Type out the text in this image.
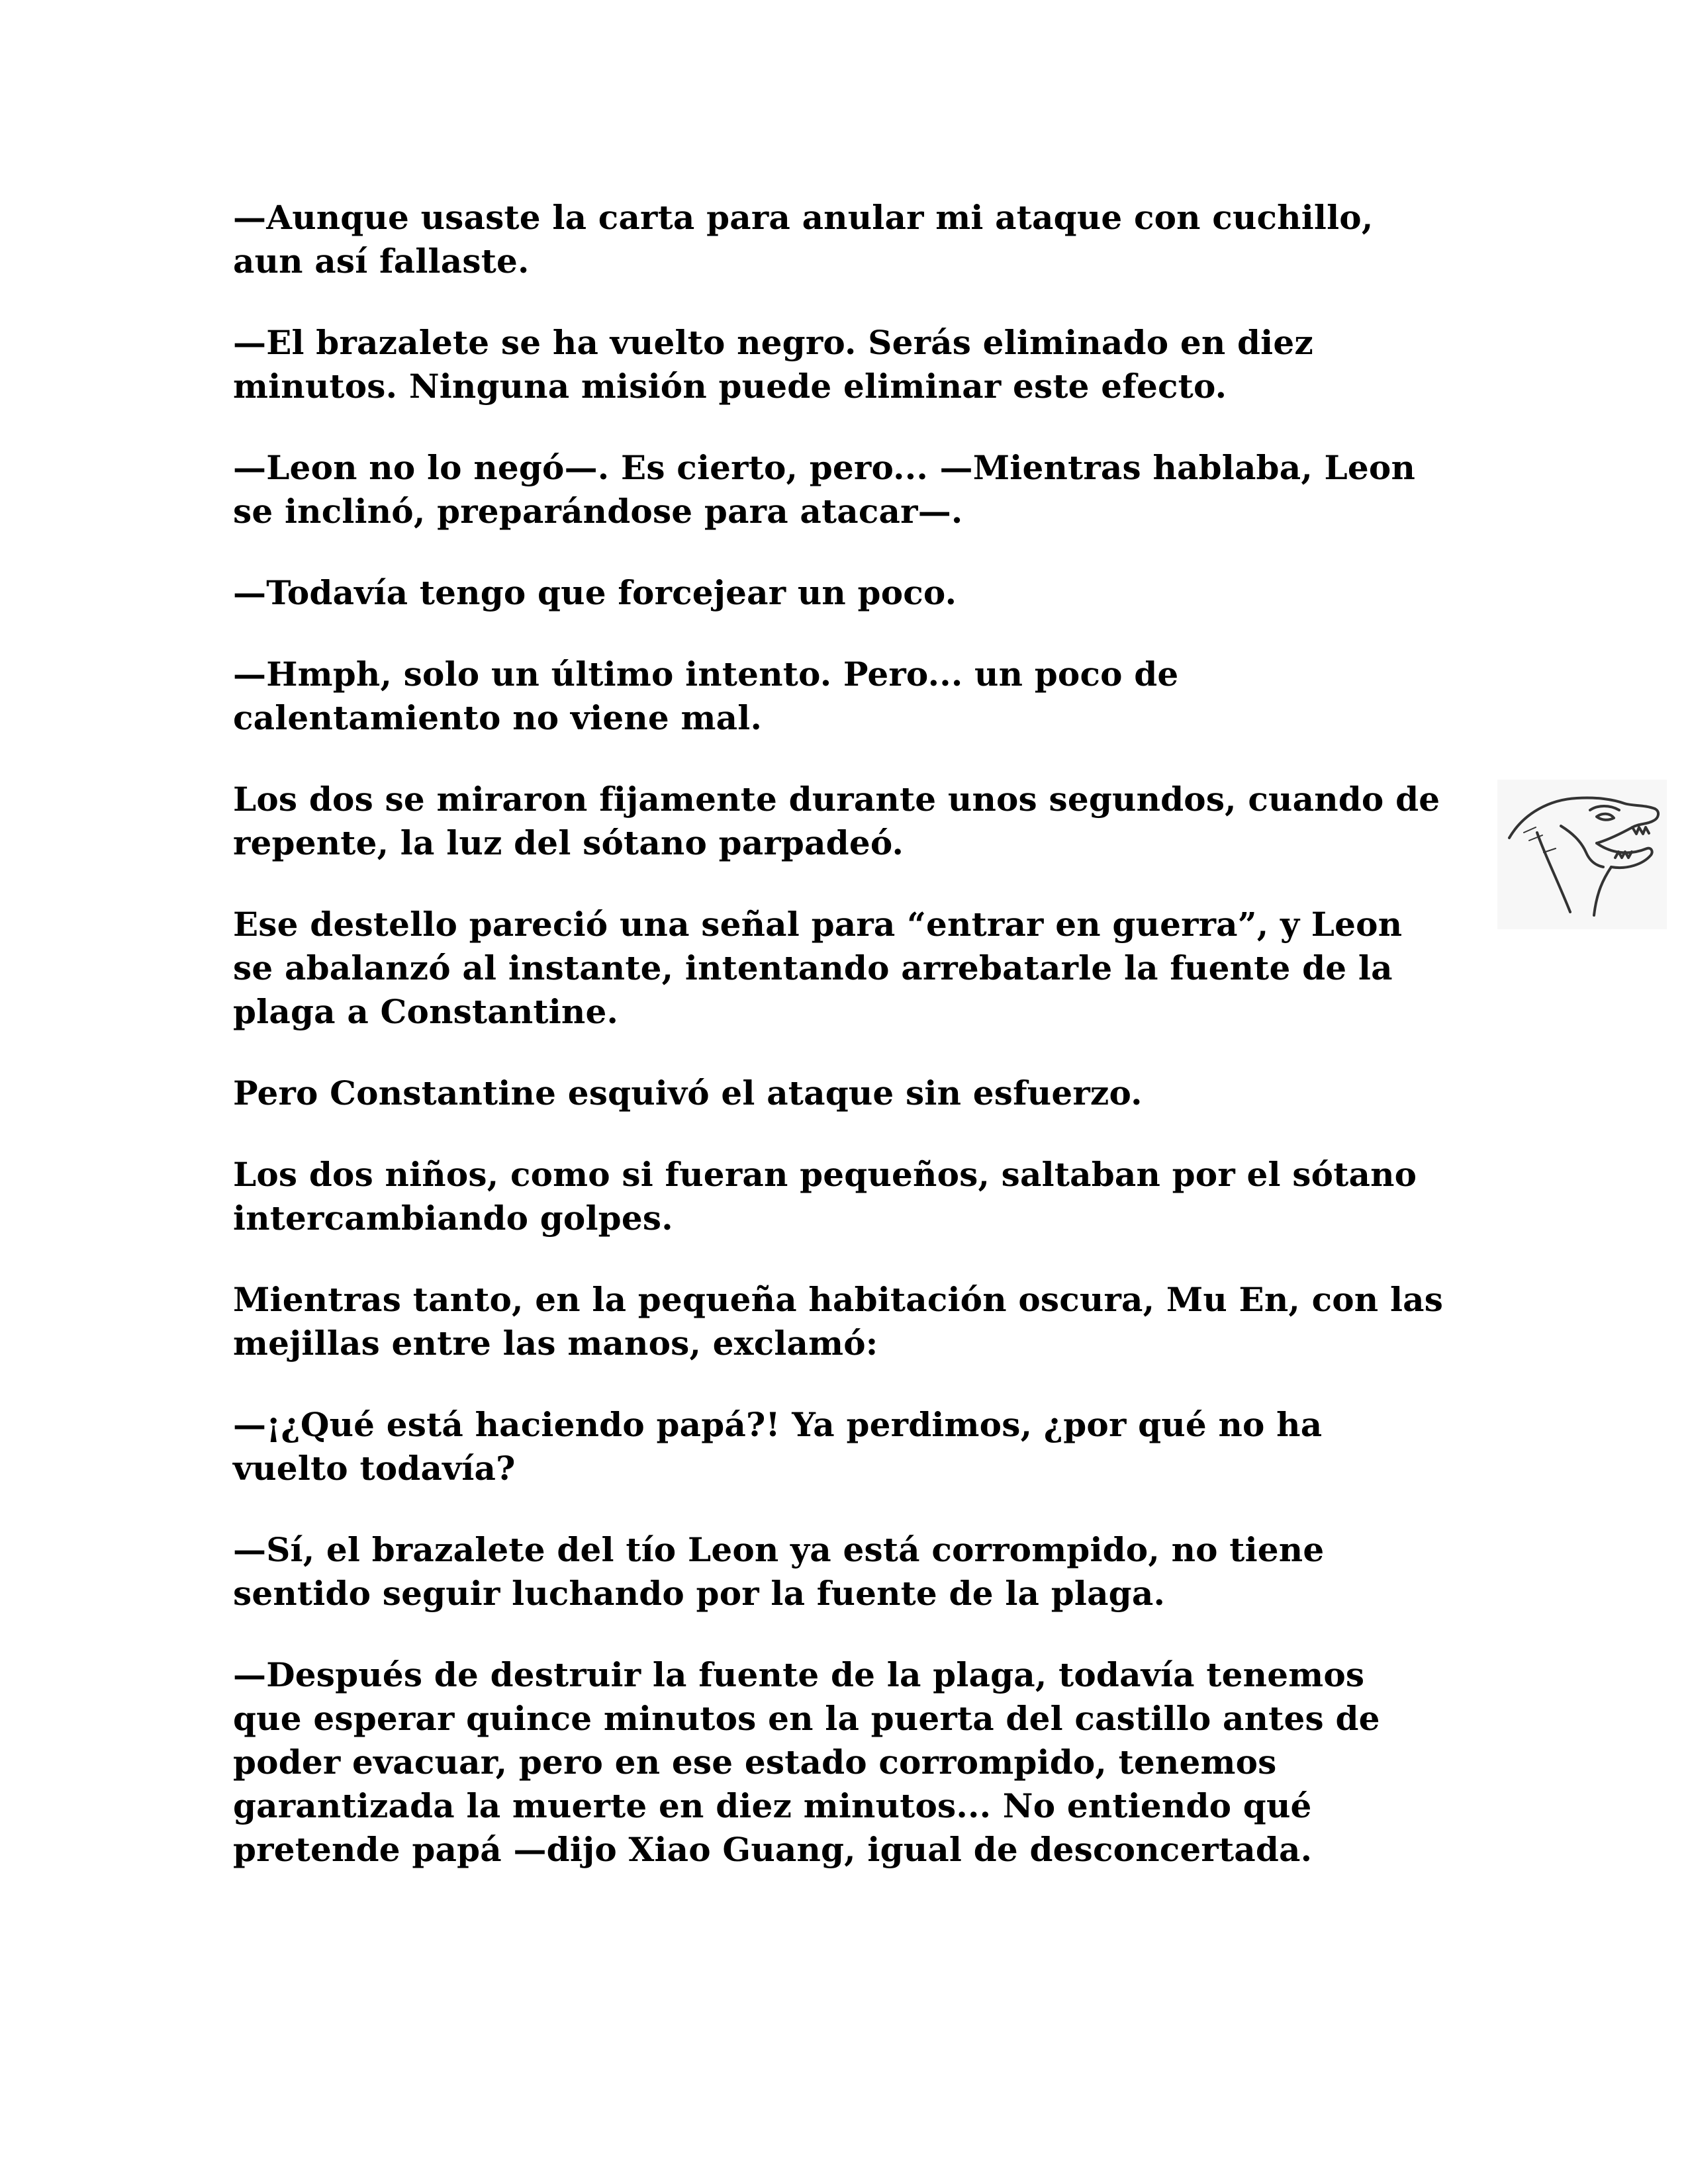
—Aunque usaste la carta para anular mi ataque con cuchillo, aun así fallaste.

—El brazalete se ha vuelto negro. Serás eliminado en diez minutos. Ninguna misión puede eliminar este efecto.

—Leon no lo negó—. Es cierto, pero... —Mientras hablaba, Leon se inclinó, preparándose para atacar—.

—Todavía tengo que forcejear un poco.

—Hmph, solo un último intento. Pero... un poco de calentamiento no viene mal.

Los dos se miraron fijamente durante unos segundos, cuando de repente, la luz del sótano parpadeó.

Ese destello pareció una señal para “entrar en guerra”, y Leon se abalanzó al instante, intentando arrebatarle la fuente de la plaga a Constantine.

Pero Constantine esquivó el ataque sin esfuerzo.

Los dos niños, como si fueran pequeños, saltaban por el sótano intercambiando golpes.

Mientras tanto, en la pequeña habitación oscura, Mu En, con las mejillas entre las manos, exclamó:

—¡¿Qué está haciendo papá?! Ya perdimos, ¿por qué no ha vuelto todavía?

—Sí, el brazalete del tío Leon ya está corrompido, no tiene sentido seguir luchando por la fuente de la plaga.

—Después de destruir la fuente de la plaga, todavía tenemos que esperar quince minutos en la puerta del castillo antes de poder evacuar, pero en ese estado corrompido, tenemos garantizada la muerte en diez minutos... No entiendo qué pretende papá —dijo Xiao Guang, igual de desconcertada.
